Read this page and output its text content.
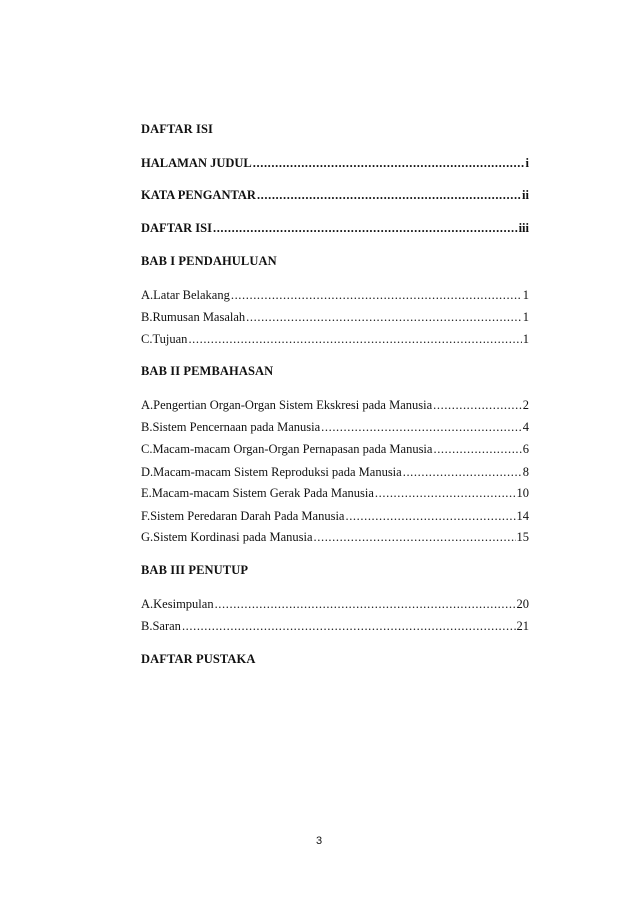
DAFTAR ISI
HALAMAN JUDUL .....	i
KATA PENGANTAR .....	ii
DAFTAR ISI .....	iii
BAB I PENDAHULUAN
A. Latar Belakang .....	1
B. Rumusan Masalah .....	1
C. Tujuan .....	1
BAB II PEMBAHASAN
A. Pengertian Organ-Organ Sistem Ekskresi pada Manusia .....	2
B. Sistem Pencernaan pada Manusia .....	4
C. Macam-macam Organ-Organ Pernapasan pada Manusia .....	6
D. Macam-macam Sistem Reproduksi pada Manusia .....	8
E. Macam-macam Sistem Gerak Pada Manusia .....	10
F. Sistem Peredaran Darah Pada Manusia .....	14
G. Sistem Kordinasi pada Manusia .....	15
BAB III PENUTUP
A. Kesimpulan .....	20
B. Saran .....	21
DAFTAR PUSTAKA
3
